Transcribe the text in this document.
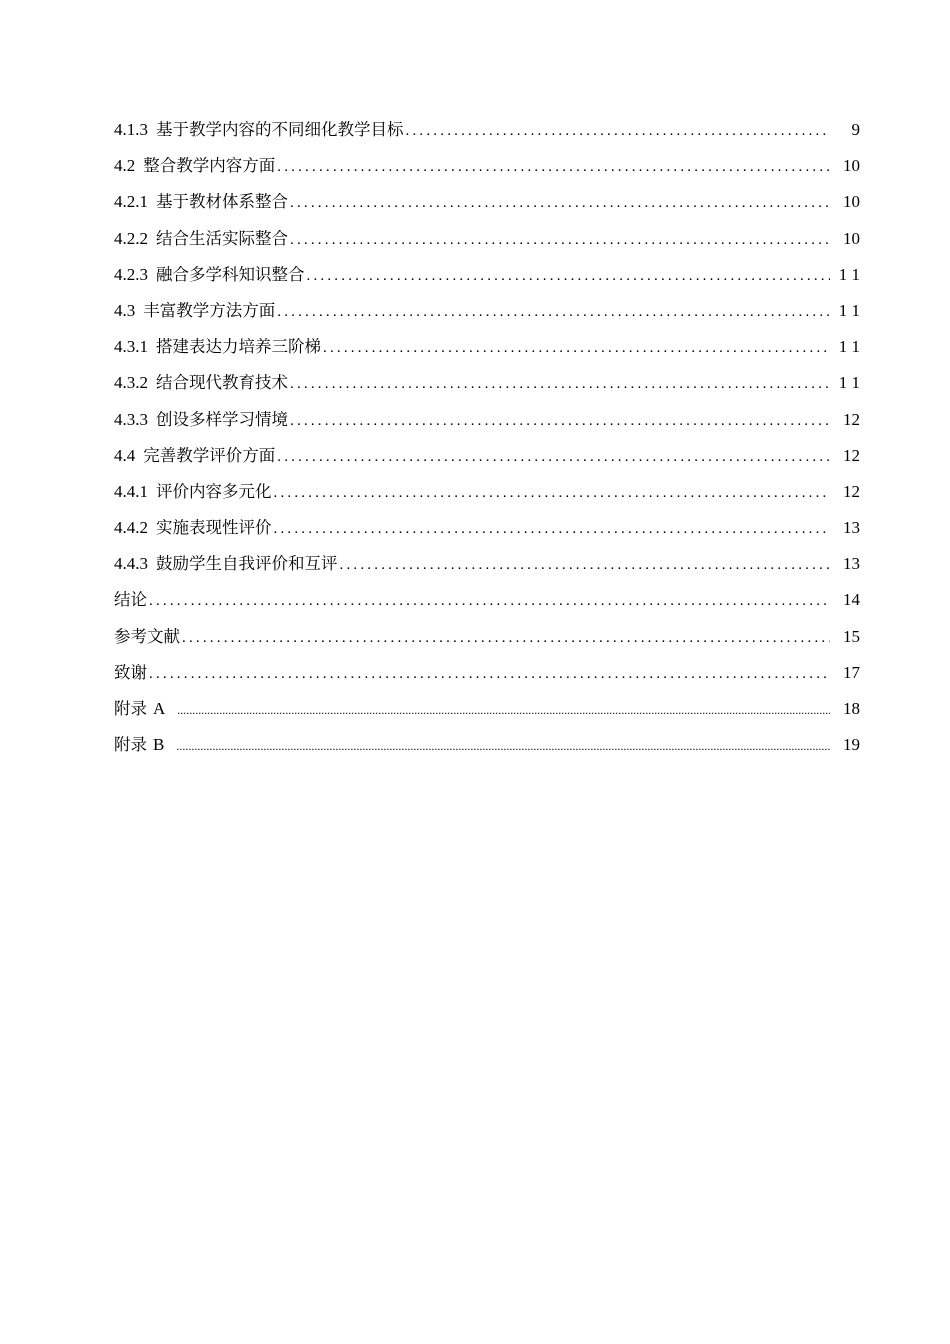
4.1.3 基于教学内容的不同细化教学目标 .....	9
4.2 整合教学内容方面 .....	10
4.2.1 基于教材体系整合 .....	10
4.2.2 结合生活实际整合 .....	10
4.2.3 融合多学科知识整合 .....	1 1
4.3 丰富教学方法方面 .....	1 1
4.3.1 搭建表达力培养三阶梯 .....	1 1
4.3.2 结合现代教育技术 .....	1 1
4.3.3 创设多样学习情境 .....	12
4.4 完善教学评价方面 .....	12
4.4.1 评价内容多元化 .....	12
4.4.2 实施表现性评价 .....	13
4.4.3 鼓励学生自我评价和互评 .....	13
结论 .....	14
参考文献 .....	15
致谢 .....	17
附录 A .....	18
附录 B .....	19
